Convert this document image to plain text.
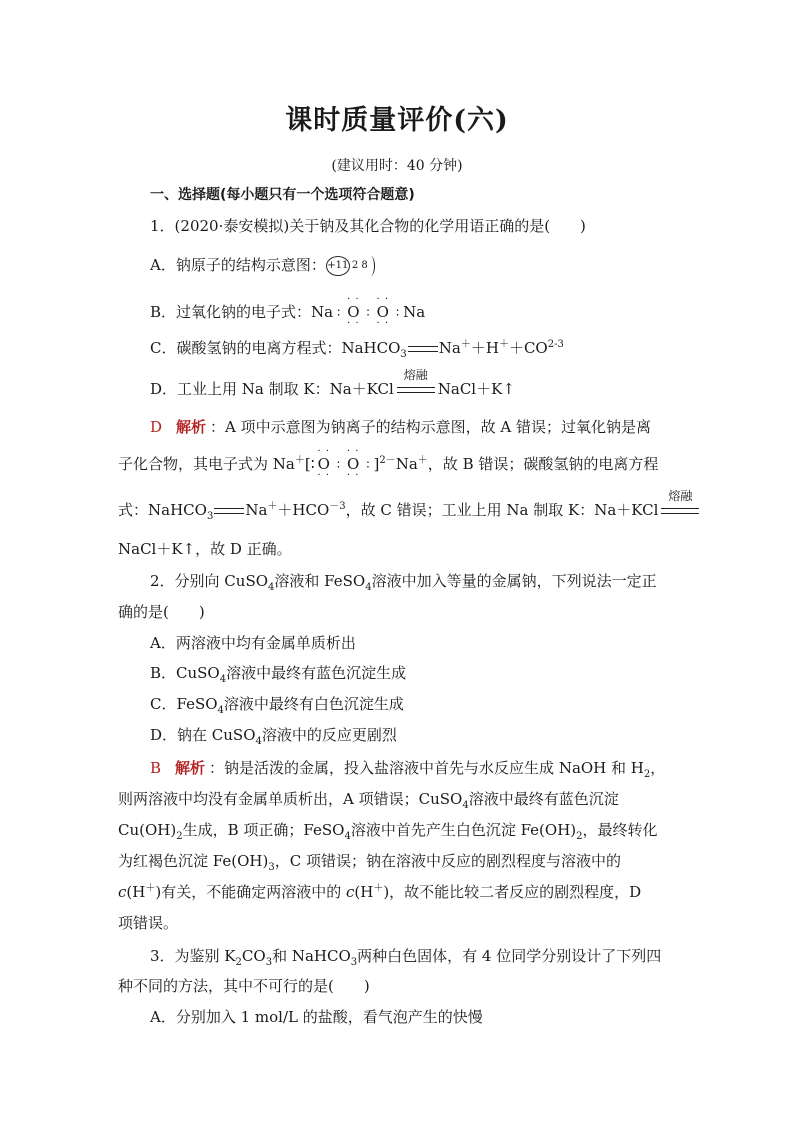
课时质量评价(六)
(建议用时：40 分钟)
一、选择题(每小题只有一个选项符合题意)
1．(2020·泰安模拟)关于钠及其化合物的化学用语正确的是(　　)
A．钠原子的结构示意图：+11 2 8
B．过氧化钠的电子式：Na ∶ · · O · · ∶ · · O · · ∶ Na
C．碳酸氢钠的电离方程式：NaHCO$_3$ $Na^++H^++CO^{2-3}$
D．工业上用 Na 制取 K：Na＋KCl
熔融
NaCl＋K↑
D 解析 ：A 项中示意图为钠离子的结构示意图，故 A 错误；过氧化钠是离
子化合物，其电子式为 Na＋[∶ · · O · · ∶ · · O · · ∶ ]$^{2-}$Na＋，故 B 错误；碳酸氢钠的电离方程
式：NaHCO$_3$ $Na^++HCO^{-3}$，故 C 错误；工业上用 Na 制取 K：Na＋KCl
熔融
NaCl＋K↑，故 D 正确。
2．分别向 CuSO$_4$溶液和 FeSO$_4$溶液中加入等量的金属钠，下列说法一定正
确的是(　　)
A．两溶液中均有金属单质析出
B．CuSO$_4$溶液中最终有蓝色沉淀生成
C．FeSO$_4$溶液中最终有白色沉淀生成
D．钠在 CuSO$_4$溶液中的反应更剧烈
B 解析 ：钠是活泼的金属，投入盐溶液中首先与水反应生成 NaOH 和 $H_2$，
则两溶液中均没有金属单质析出，A 项错误；CuSO$_4$溶液中最终有蓝色沉淀
$Cu(OH)_2$生成，B 项正确；FeSO$_4$溶液中首先产生白色沉淀 $Fe(OH)_2$，最终转化
为红褐色沉淀 $Fe(OH)_3$，C 项错误；钠在溶液中反应的剧烈程度与溶液中的
c(H＋)有关，不能确定两溶液中的 c(H＋)，故不能比较二者反应的剧烈程度，D
项错误。
3．为鉴别 $K_2CO_3$和 NaHCO$_3$两种白色固体，有 4 位同学分别设计了下列四
种不同的方法，其中不可行的是(　　)
A．分别加入 1 mol/L 的盐酸，看气泡产生的快慢
